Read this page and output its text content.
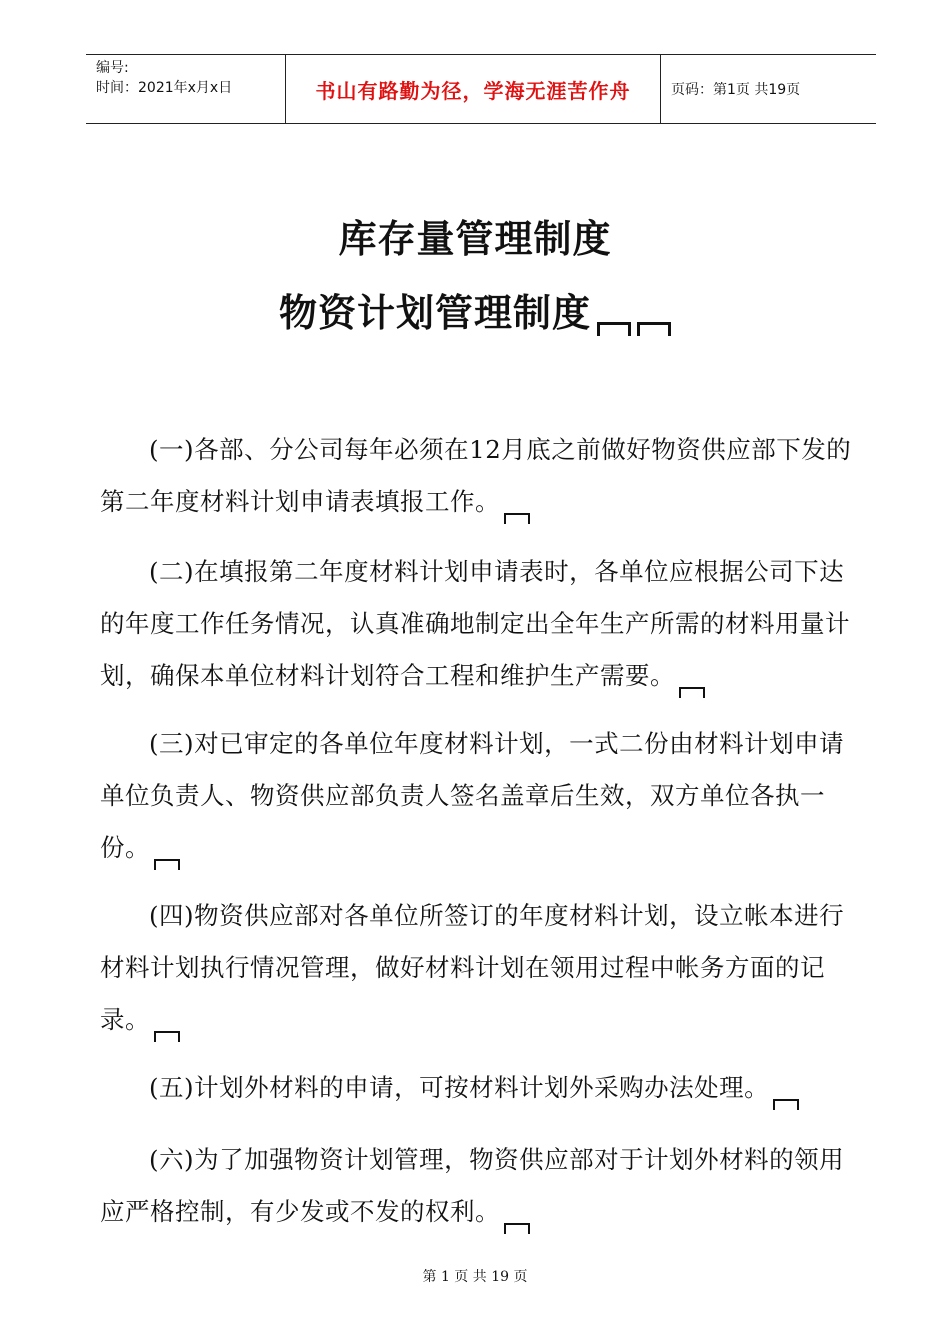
编号:
时间：2021年x月x日	书山有路勤为径，学海无涯苦作舟	页码：第1页 共19页
库存量管理制度
物资计划管理制度
(一)各部、分公司每年必须在12月底之前做好物资供应部下发的第二年度材料计划申请表填报工作。
(二)在填报第二年度材料计划申请表时，各单位应根据公司下达的年度工作任务情况，认真准确地制定出全年生产所需的材料用量计划，确保本单位材料计划符合工程和维护生产需要。
(三)对已审定的各单位年度材料计划，一式二份由材料计划申请单位负责人、物资供应部负责人签名盖章后生效，双方单位各执一份。
(四)物资供应部对各单位所签订的年度材料计划，设立帐本进行材料计划执行情况管理，做好材料计划在领用过程中帐务方面的记录。
(五)计划外材料的申请，可按材料计划外采购办法处理。
(六)为了加强物资计划管理，物资供应部对于计划外材料的领用应严格控制，有少发或不发的权利。
第 1 页 共 19 页
